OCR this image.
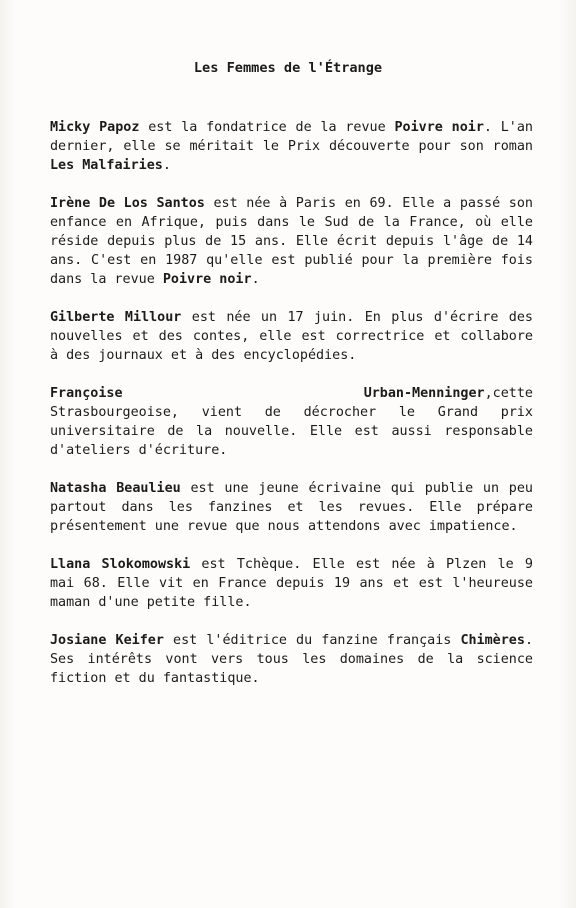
Les Femmes de l'Étrange

Micky Papoz est la fondatrice de la revue Poivre noir. L'an dernier, elle se méritait le Prix découverte pour son roman Les Malfairies.

Irène De Los Santos est née à Paris en 69. Elle a passé son enfance en Afrique, puis dans le Sud de la France, où elle réside depuis plus de 15 ans. Elle écrit depuis l'âge de 14 ans. C'est en 1987 qu'elle est publié pour la première fois dans la revue Poivre noir.

Gilberte Millour est née un 17 juin. En plus d'écrire des nouvelles et des contes, elle est correctrice et collabore à des journaux et à des encyclopédies.

Françoise	Urban-Menninger,cette
Strasbourgeoise, vient de décrocher le Grand prix universitaire de la nouvelle. Elle est aussi responsable d'ateliers d'écriture.

Natasha Beaulieu est une jeune écrivaine qui publie un peu partout dans les fanzines et les revues. Elle prépare présentement une revue que nous attendons avec impatience.

Llana Slokomowski est Tchèque. Elle est née à Plzen le 9 mai 68. Elle vit en France depuis 19 ans et est l'heureuse maman d'une petite fille.

Josiane Keifer est l'éditrice du fanzine français Chimères. Ses intérêts vont vers tous les domaines de la science fiction et du fantastique.
